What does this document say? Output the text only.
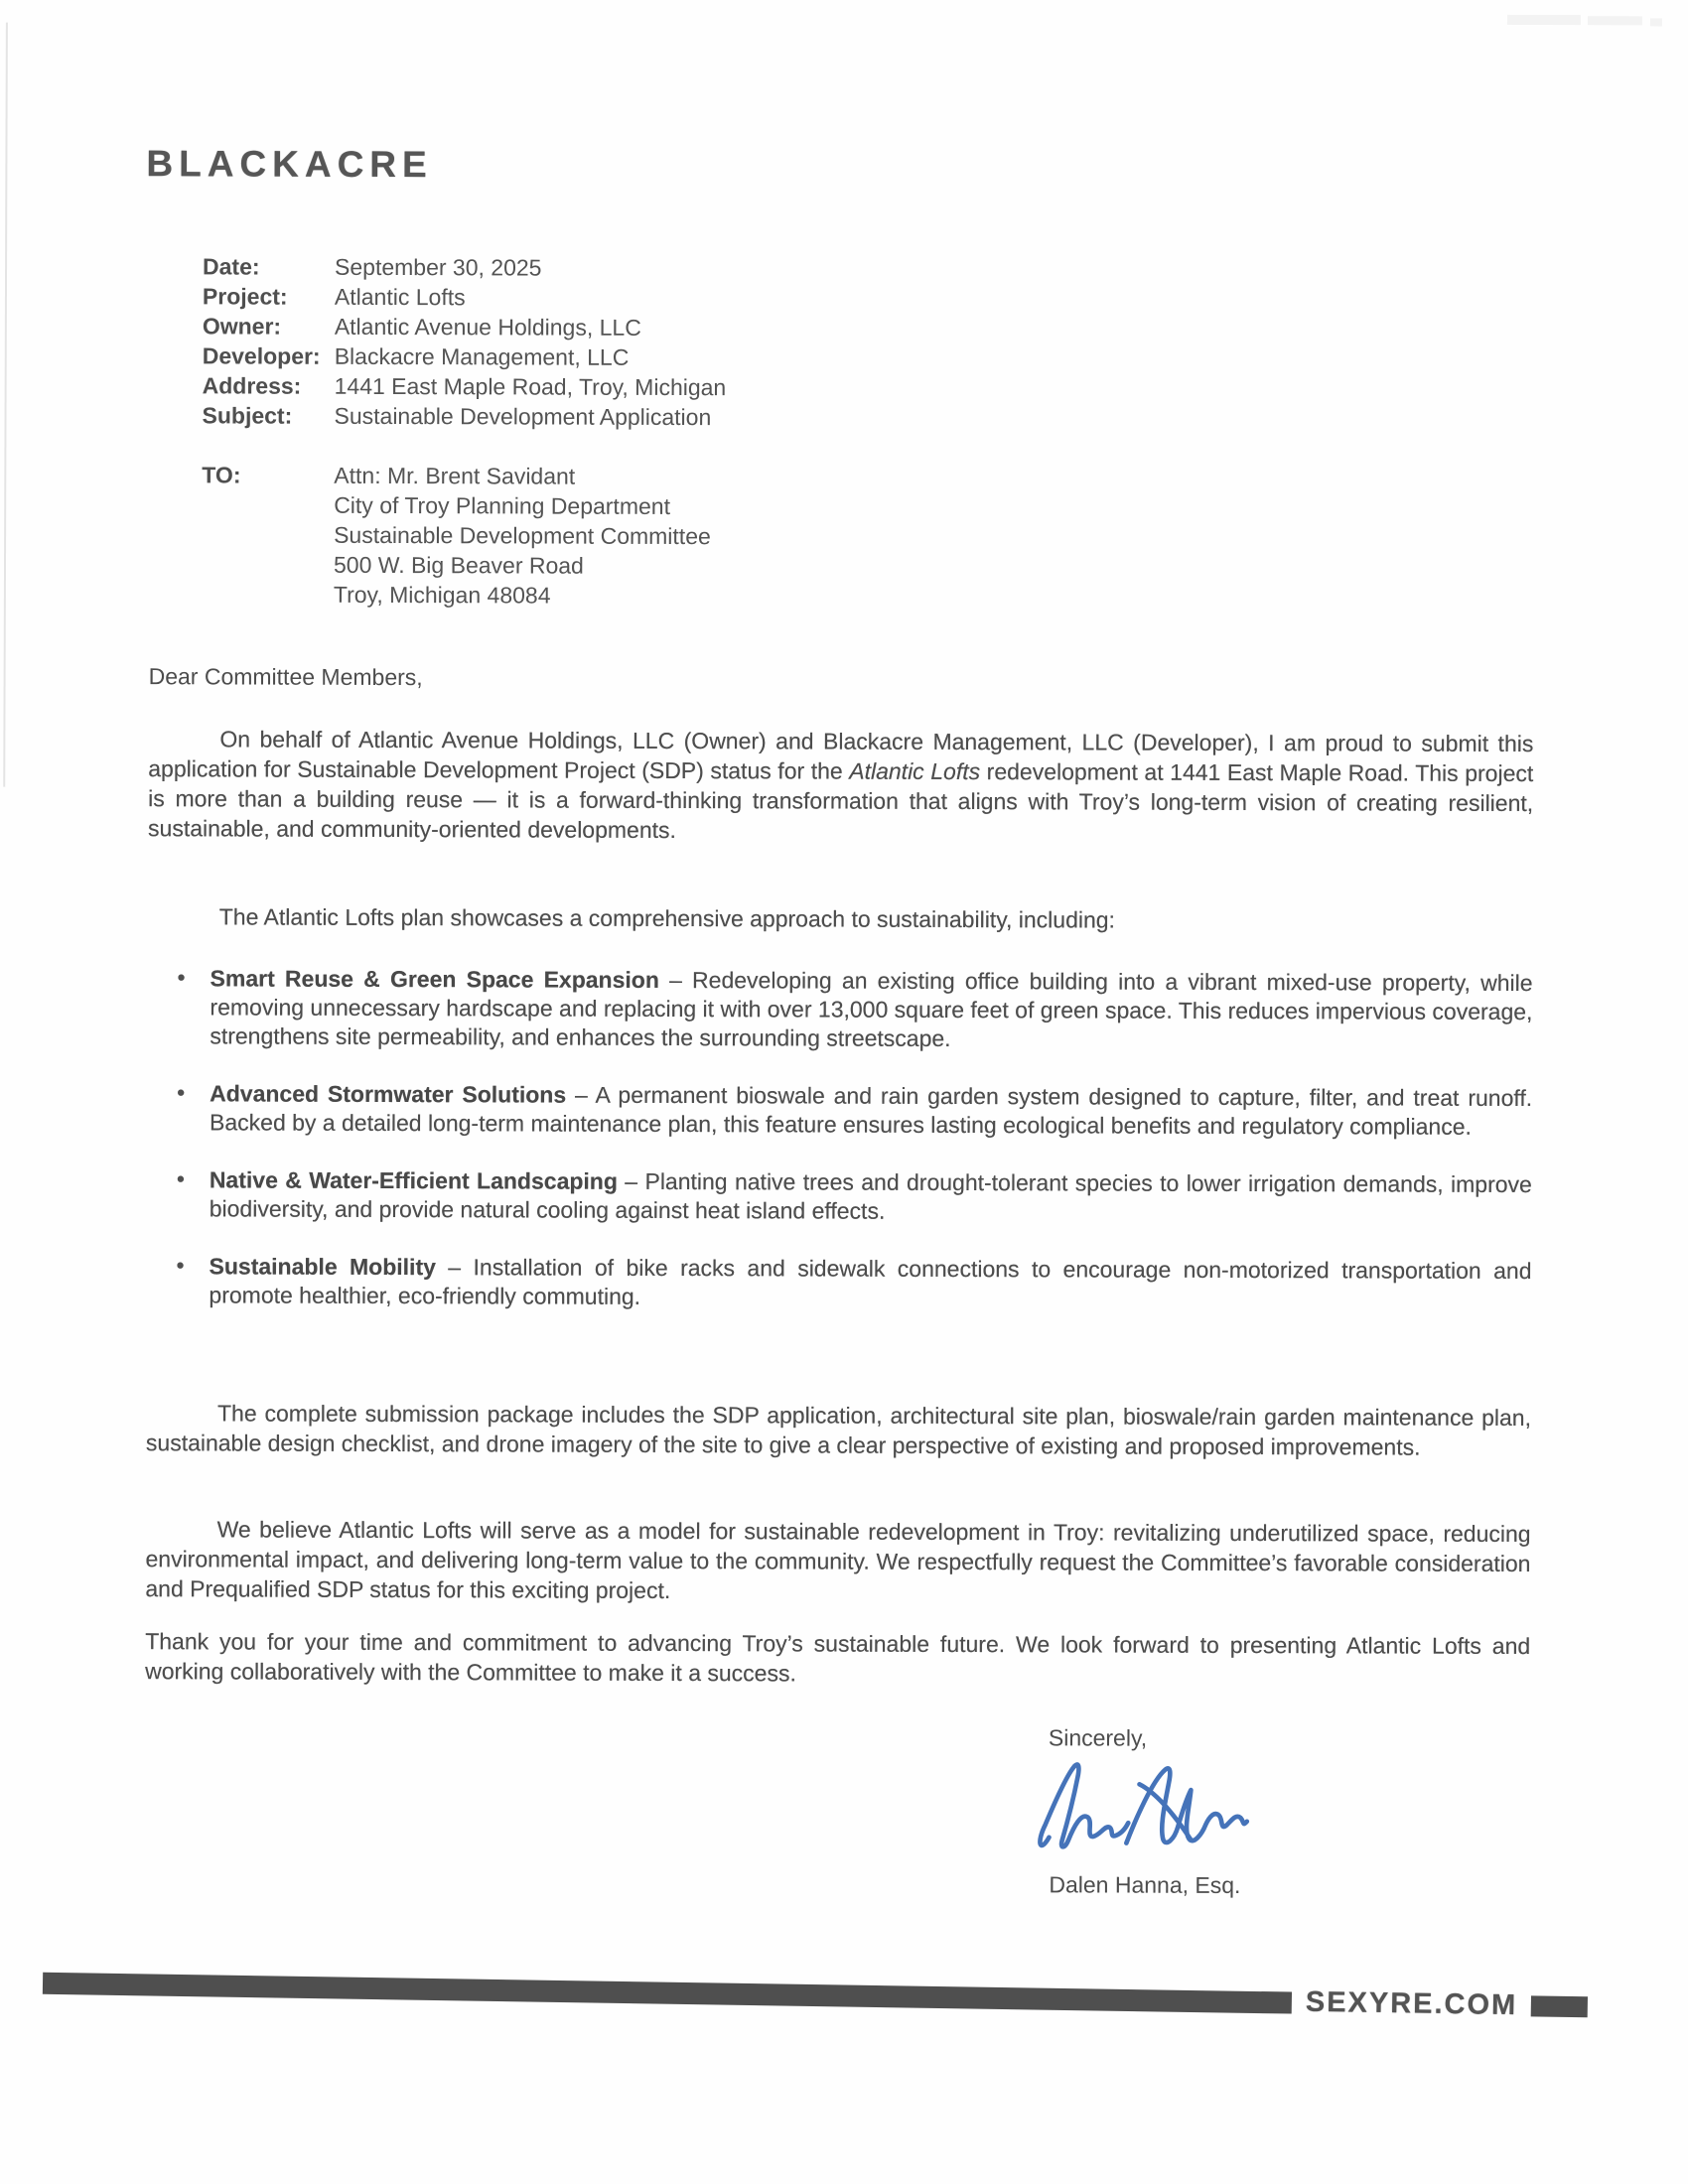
BLACKACRE
Date:	September 30, 2025
Project:	Atlantic Lofts
Owner:	Atlantic Avenue Holdings, LLC
Developer: Blackacre Management, LLC
Address:	1441 East Maple Road, Troy, Michigan
Subject:	Sustainable Development Application
TO:	Attn: Mr. Brent Savidant
City of Troy Planning Department
Sustainable Development Committee
500 W. Big Beaver Road
Troy, Michigan 48084
Dear Committee Members,
On behalf of Atlantic Avenue Holdings, LLC (Owner) and Blackacre Management, LLC (Developer), I am proud to submit this application for Sustainable Development Project (SDP) status for the Atlantic Lofts redevelopment at 1441 East Maple Road. This project is more than a building reuse — it is a forward-thinking transformation that aligns with Troy’s long-term vision of creating resilient, sustainable, and community-oriented developments.
The Atlantic Lofts plan showcases a comprehensive approach to sustainability, including:
• Smart Reuse & Green Space Expansion – Redeveloping an existing office building into a vibrant mixed-use property, while removing unnecessary hardscape and replacing it with over 13,000 square feet of green space. This reduces impervious coverage, strengthens site permeability, and enhances the surrounding streetscape.
• Advanced Stormwater Solutions – A permanent bioswale and rain garden system designed to capture, filter, and treat runoff. Backed by a detailed long-term maintenance plan, this feature ensures lasting ecological benefits and regulatory compliance.
• Native & Water-Efficient Landscaping – Planting native trees and drought-tolerant species to lower irrigation demands, improve biodiversity, and provide natural cooling against heat island effects.
• Sustainable Mobility – Installation of bike racks and sidewalk connections to encourage non-motorized transportation and promote healthier, eco-friendly commuting.
The complete submission package includes the SDP application, architectural site plan, bioswale/rain garden maintenance plan, sustainable design checklist, and drone imagery of the site to give a clear perspective of existing and proposed improvements.
We believe Atlantic Lofts will serve as a model for sustainable redevelopment in Troy: revitalizing underutilized space, reducing environmental impact, and delivering long-term value to the community. We respectfully request the Committee’s favorable consideration and Prequalified SDP status for this exciting project.
Thank you for your time and commitment to advancing Troy’s sustainable future. We look forward to presenting Atlantic Lofts and working collaboratively with the Committee to make it a success.
Sincerely,
Dalen Hanna, Esq.
SEXYRE.COM
